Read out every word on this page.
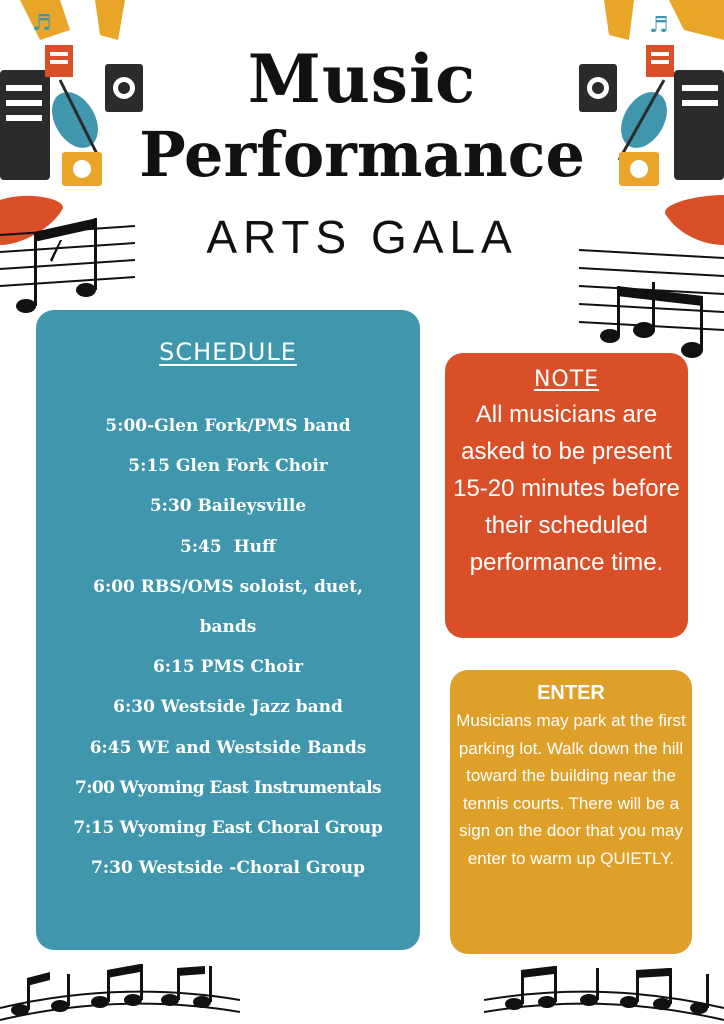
♬	♬
Music
Performance
ARTS GALA
SCHEDULE
5:00-Glen Fork/PMS band
5:15 Glen Fork Choir
5:30 Baileysville
5:45  Huff
6:00 RBS/OMS soloist, duet,
bands
6:15 PMS Choir
6:30 Westside Jazz band
6:45 WE and Westside Bands
7:00 Wyoming East Instrumentals
7:15 Wyoming East Choral Group
7:30 Westside -Choral Group
NOTE
All musicians are asked to be present 15-20 minutes before their scheduled performance time.
ENTER
Musicians may park at the first parking lot. Walk down the hill toward the building near the tennis courts. There will be a sign on the door that you may enter to warm up QUIETLY.
